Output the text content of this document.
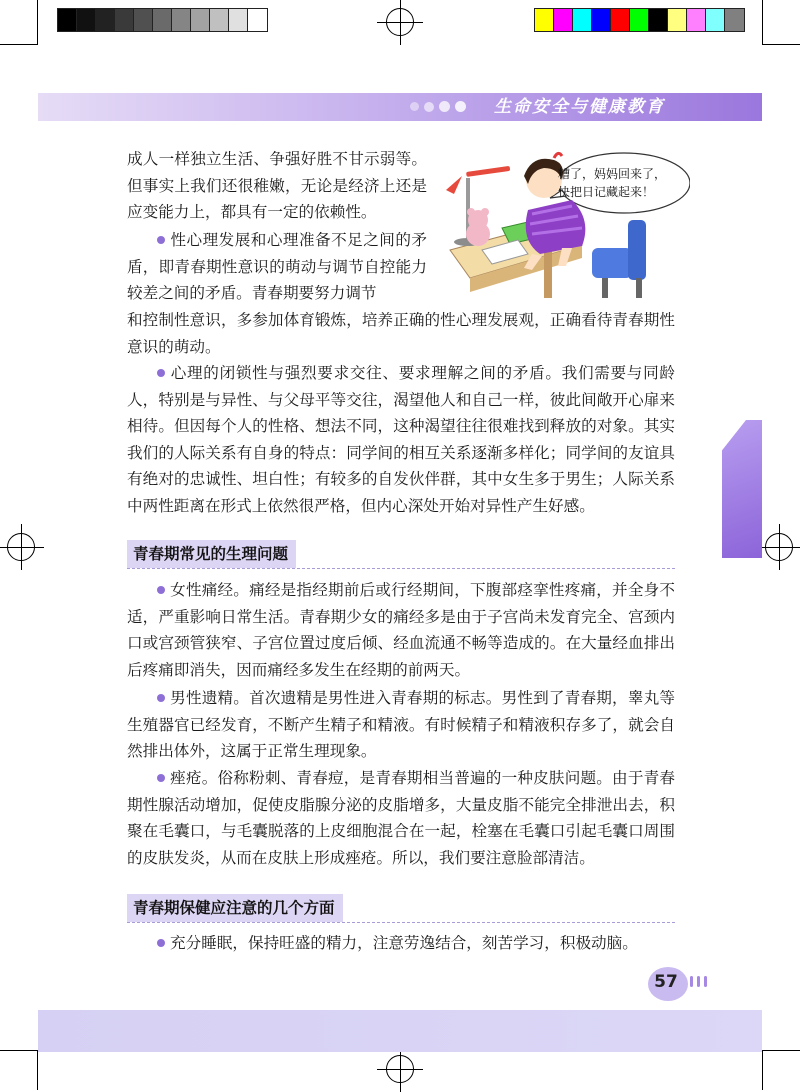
生命安全与健康教育
糟了，妈妈回来了，
快把日记藏起来！

成人一样独立生活、争强好胜不甘示弱等。但事实上我们还很稚嫩，无论是经济上还是应变能力上，都具有一定的依赖性。

性心理发展和心理准备不足之间的矛盾，即青春期性意识的萌动与调节自控能力较差之间的矛盾。青春期要努力调节

和控制性意识，多参加体育锻炼，培养正确的性心理发展观，正确看待青春期性意识的萌动。

心理的闭锁性与强烈要求交往、要求理解之间的矛盾。我们需要与同龄人，特别是与异性、与父母平等交往，渴望他人和自己一样，彼此间敞开心扉来相待。但因每个人的性格、想法不同，这种渴望往往很难找到释放的对象。其实我们的人际关系有自身的特点：同学间的相互关系逐渐多样化；同学间的友谊具有绝对的忠诚性、坦白性；有较多的自发伙伴群，其中女生多于男生；人际关系中两性距离在形式上依然很严格，但内心深处开始对异性产生好感。

青春期常见的生理问题

女性痛经。痛经是指经期前后或行经期间，下腹部痉挛性疼痛，并全身不适，严重影响日常生活。青春期少女的痛经多是由于子宫尚未发育完全、宫颈内口或宫颈管狭窄、子宫位置过度后倾、经血流通不畅等造成的。在大量经血排出后疼痛即消失，因而痛经多发生在经期的前两天。

男性遗精。首次遗精是男性进入青春期的标志。男性到了青春期，睾丸等生殖器官已经发育，不断产生精子和精液。有时候精子和精液积存多了，就会自然排出体外，这属于正常生理现象。

痤疮。俗称粉刺、青春痘，是青春期相当普遍的一种皮肤问题。由于青春期性腺活动增加，促使皮脂腺分泌的皮脂增多，大量皮脂不能完全排泄出去，积聚在毛囊口，与毛囊脱落的上皮细胞混合在一起，栓塞在毛囊口引起毛囊口周围的皮肤发炎，从而在皮肤上形成痤疮。所以，我们要注意脸部清洁。

青春期保健应注意的几个方面

充分睡眠，保持旺盛的精力，注意劳逸结合，刻苦学习，积极动脑。

57
